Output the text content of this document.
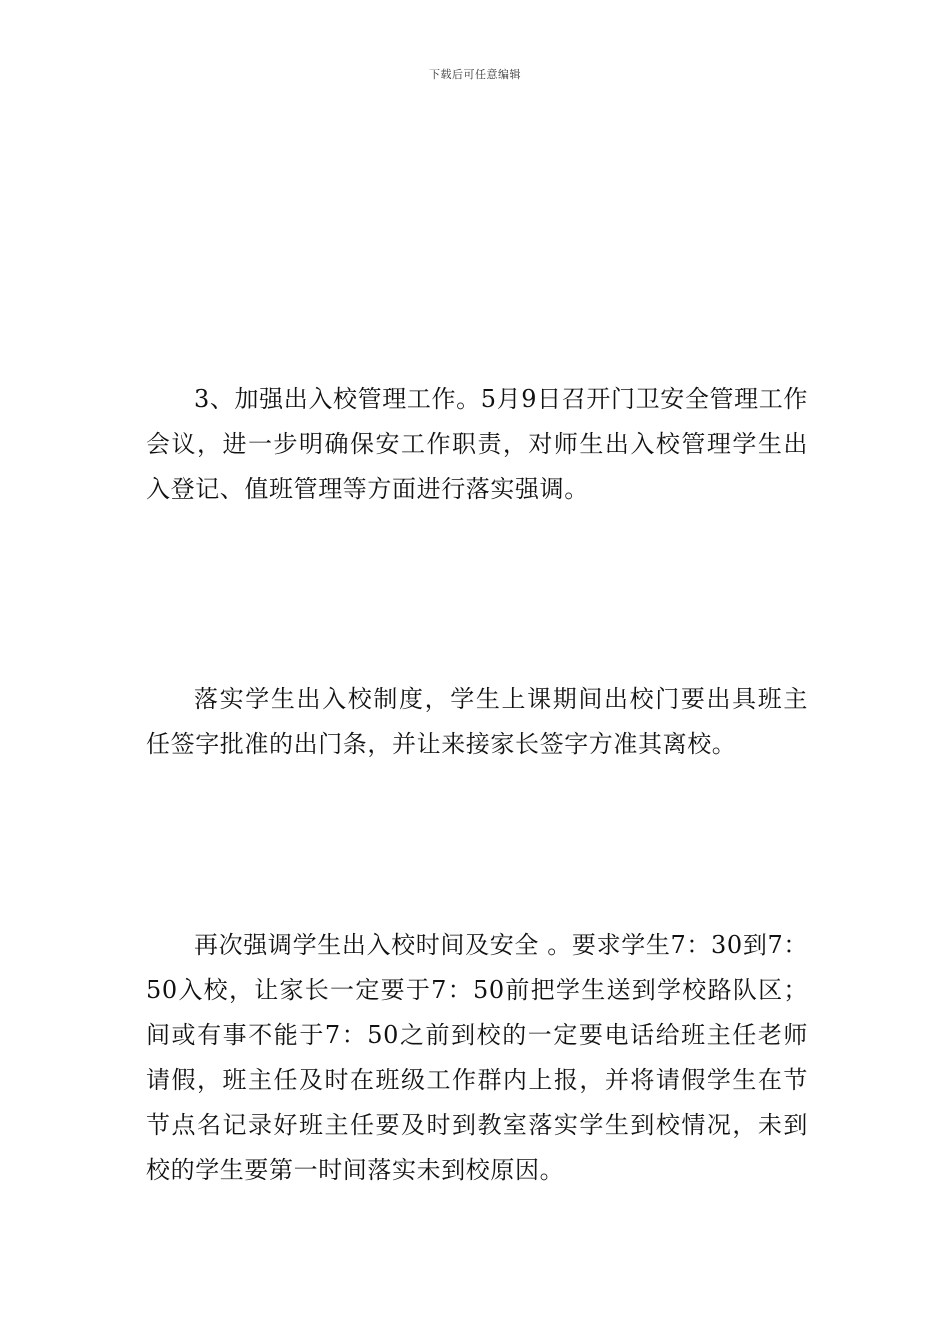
下载后可任意编辑

3、加强出入校管理工作。5月9日召开门卫安全管理工作会议，进一步明确保安工作职责，对师生出入校管理学生出入登记、值班管理等方面进行落实强调。

落实学生出入校制度，学生上课期间出校门要出具班主任签字批准的出门条，并让来接家长签字方准其离校。

再次强调学生出入校时间及安全 。要求学生7：30到7：50入校，让家长一定要于7：50前把学生送到学校路队区；间或有事不能于7：50之前到校的一定要电话给班主任老师请假，班主任及时在班级工作群内上报，并将请假学生在节节点名记录好班主任要及时到教室落实学生到校情况，未到校的学生要第一时间落实未到校原因。
